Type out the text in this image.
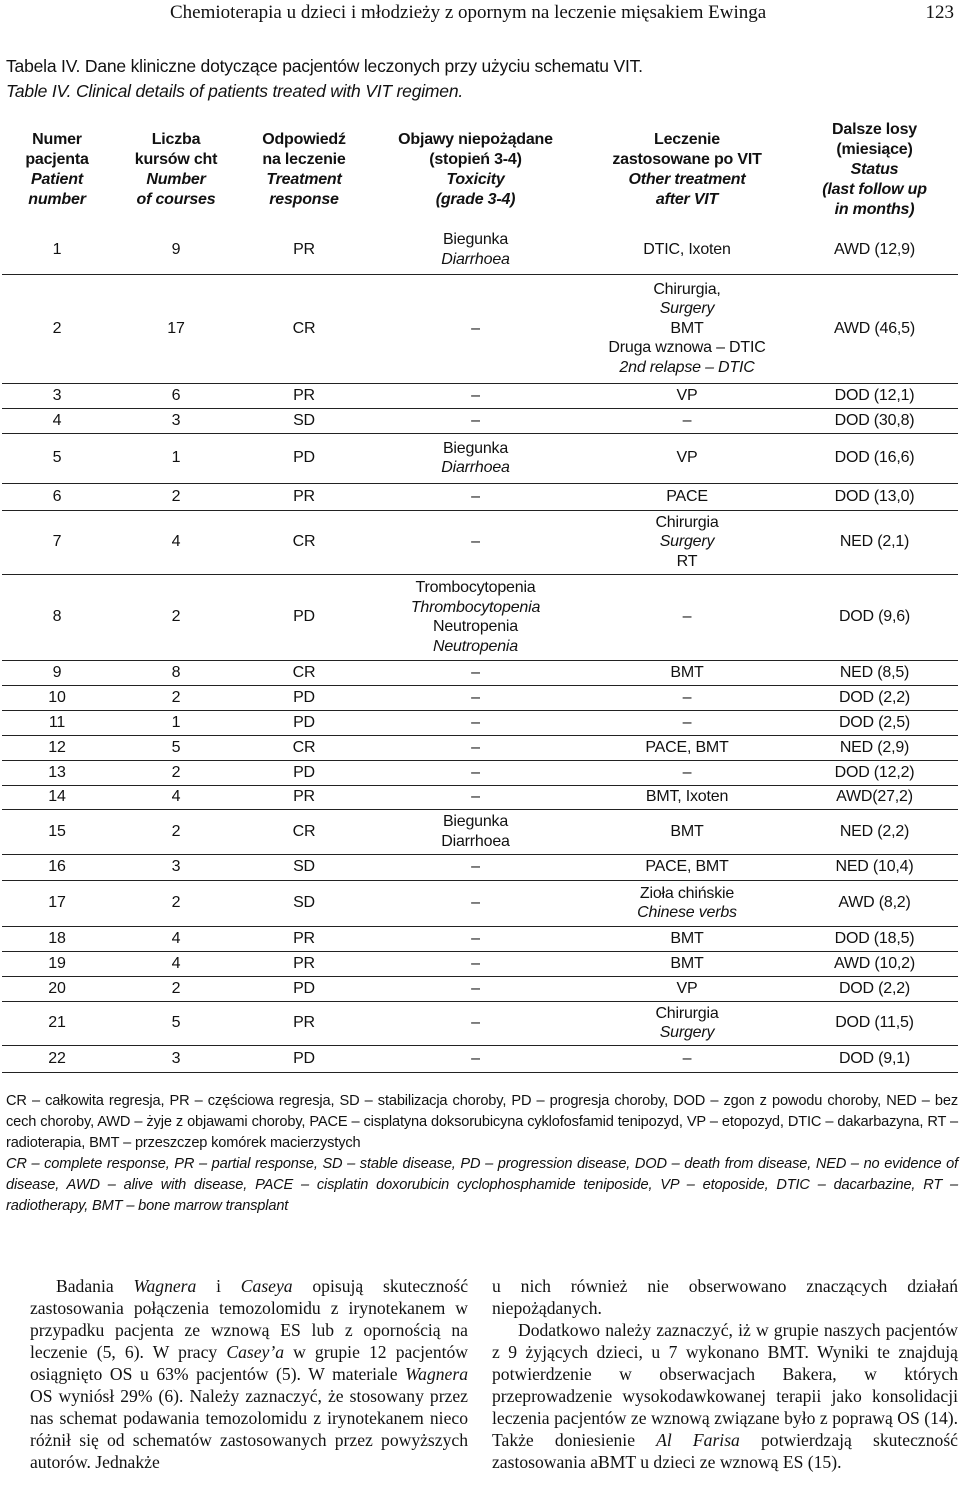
Chemioterapia u dzieci i młodzieży z opornym na leczenie mięsakiem Ewinga	123
Tabela IV. Dane kliniczne dotyczące pacjentów leczonych przy użyciu schematu VIT.
Table IV. Clinical details of patients treated with VIT regimen.
Numer
pacjenta
Patient
number	Liczba
kursów cht
Number
of courses	Odpowiedź
na leczenie
Treatment
response	Objawy niepożądane
(stopień 3-4)
Toxicity
(grade 3-4)	Leczenie
zastosowane po VIT
Other treatment
after VIT	Dalsze losy
(miesiące)
Status
(last follow up
in months)

1	9	PR	Biegunka
Diarrhoea	DTIC, Ixoten	AWD (12,9)
2	17	CR	–	Chirurgia,
Surgery
BMT
Druga wznowa – DTIC
2nd relapse – DTIC	AWD (46,5)
3	6	PR	–	VP	DOD (12,1)
4	3	SD	–	–	DOD (30,8)
5	1	PD	Biegunka
Diarrhoea	VP	DOD (16,6)
6	2	PR	–	PACE	DOD (13,0)
7	4	CR	–	Chirurgia
Surgery
RT	NED (2,1)
8	2	PD	Trombocytopenia
Thrombocytopenia
Neutropenia
Neutropenia	–	DOD (9,6)
9	8	CR	–	BMT	NED (8,5)
10	2	PD	–	–	DOD (2,2)
11	1	PD	–	–	DOD (2,5)
12	5	CR	–	PACE, BMT	NED (2,9)
13	2	PD	–	–	DOD (12,2)
14	4	PR	–	BMT, Ixoten	AWD(27,2)
15	2	CR	Biegunka
Diarrhoea	BMT	NED (2,2)
16	3	SD	–	PACE, BMT	NED (10,4)
17	2	SD	–	Zioła chińskie
Chinese verbs	AWD (8,2)
18	4	PR	–	BMT	DOD (18,5)
19	4	PR	–	BMT	AWD (10,2)
20	2	PD	–	VP	DOD (2,2)
21	5	PR	–	Chirurgia
Surgery	DOD (11,5)
22	3	PD	–	–	DOD (9,1)

CR – całkowita regresja, PR – częściowa regresja, SD – stabilizacja choroby, PD – progresja choroby, DOD – zgon z powodu choroby, NED – bez cech choroby, AWD – żyje z objawami choroby, PACE – cisplatyna doksorubicyna cyklofosfamid tenipozyd, VP – etopozyd, DTIC – dakarbazyna, RT – radioterapia, BMT – przeszczep komórek macierzystych

CR – complete response, PR – partial response, SD – stable disease, PD – progression disease, DOD – death from disease, NED – no evidence of disease, AWD – alive with disease, PACE – cisplatin doxorubicin cyclophosphamide teniposide, VP – etoposide, DTIC – dacarbazine, RT – radiotherapy, BMT – bone marrow transplant

Badania Wagnera i Caseya opisują skuteczność zastosowania połączenia temozolomidu z irynotekanem w przypadku pacjenta ze wznową ES lub z opornością na leczenie (5, 6). W pracy Casey’a w grupie 12 pacjentów osiągnięto OS u 63% pacjentów (5). W materiale Wagnera OS wyniósł 29% (6). Należy zaznaczyć, że stosowany przez nas schemat podawania temozolomidu z irynotekanem nieco różnił się od schematów zastosowanych przez powyższych autorów. Jednakże

u nich również nie obserwowano znaczących działań niepożądanych.

Dodatkowo należy zaznaczyć, iż w grupie naszych pacjentów z 9 żyjących dzieci, u 7 wykonano BMT. Wyniki te znajdują potwierdzenie w obserwacjach Bakera, w których przeprowadzenie wysokodawkowanej terapii jako konsolidacji leczenia pacjentów ze wznową związane było z poprawą OS (14). Także doniesienie Al Farisa potwierdzają skuteczność zastosowania aBMT u dzieci ze wznową ES (15).
